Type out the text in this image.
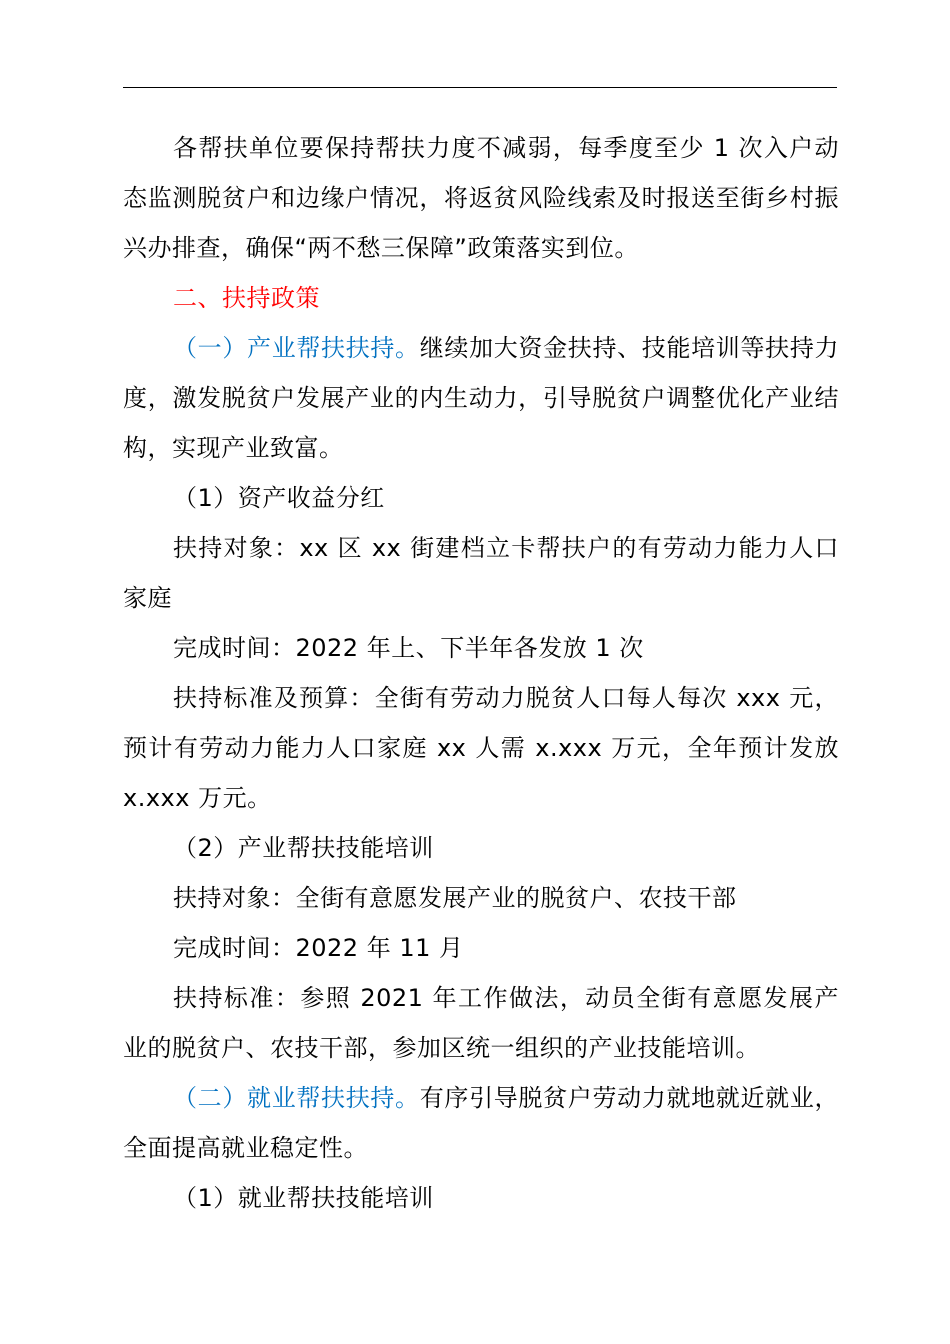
各帮扶单位要保持帮扶力度不减弱，每季度至少 1 次入户动态监测脱贫户和边缘户情况，将返贫风险线索及时报送至街乡村振兴办排查，确保“两不愁三保障”政策落实到位。

二、扶持政策

（一）产业帮扶扶持。继续加大资金扶持、技能培训等扶持力度，激发脱贫户发展产业的内生动力，引导脱贫户调整优化产业结构，实现产业致富。

（1）资产收益分红

扶持对象：xx 区 xx 街建档立卡帮扶户的有劳动力能力人口家庭

完成时间：2022 年上、下半年各发放 1 次

扶持标准及预算：全街有劳动力脱贫人口每人每次 xxx 元，预计有劳动力能力人口家庭 xx 人需 x.xxx 万元，全年预计发放 x.xxx 万元。

（2）产业帮扶技能培训

扶持对象：全街有意愿发展产业的脱贫户、农技干部

完成时间：2022 年 11 月

扶持标准：参照 2021 年工作做法，动员全街有意愿发展产业的脱贫户、农技干部，参加区统一组织的产业技能培训。

（二）就业帮扶扶持。有序引导脱贫户劳动力就地就近就业，全面提高就业稳定性。

（1）就业帮扶技能培训
